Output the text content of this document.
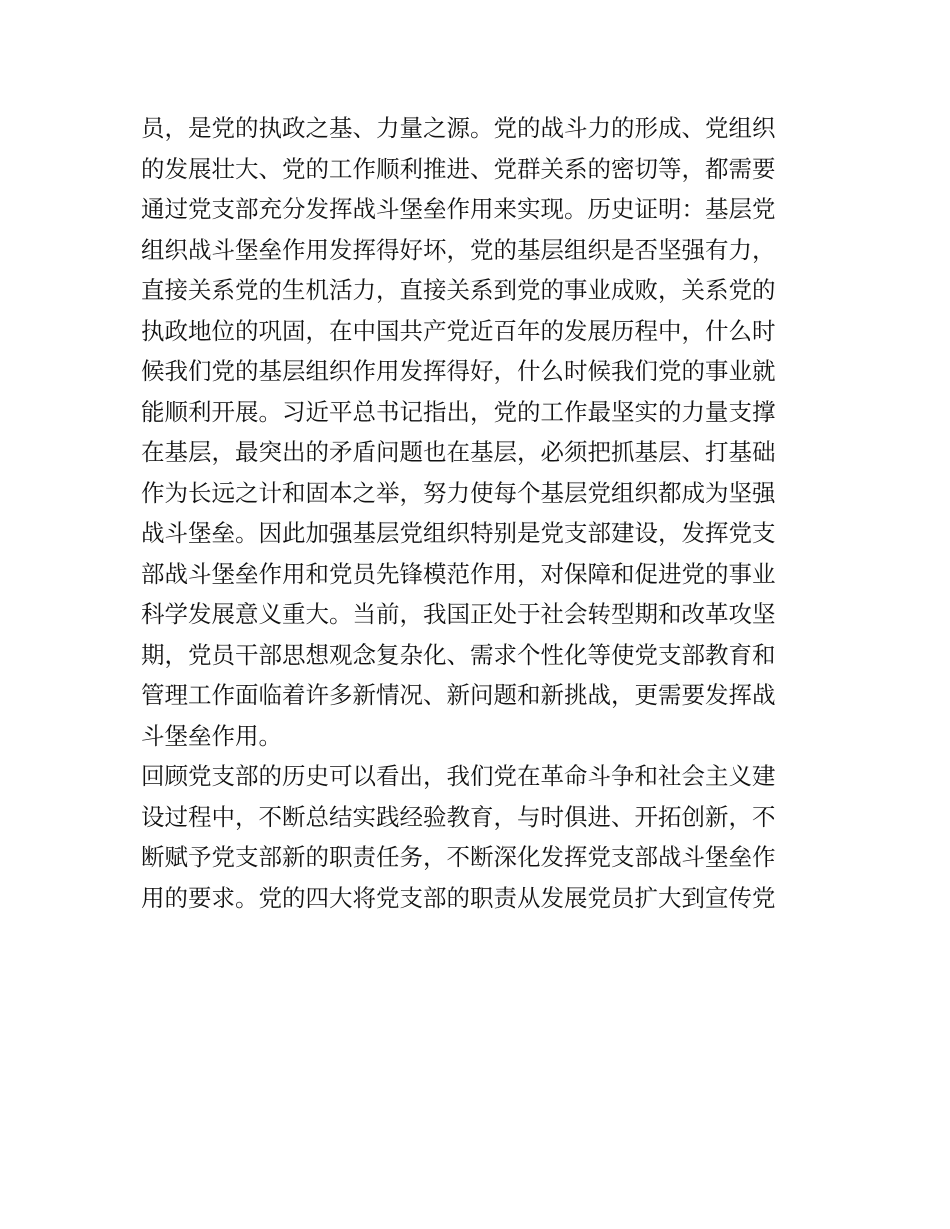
员，是党的执政之基、力量之源。党的战斗力的形成、党组织
的发展壮大、党的工作顺利推进、党群关系的密切等，都需要
通过党支部充分发挥战斗堡垒作用来实现。历史证明：基层党
组织战斗堡垒作用发挥得好坏，党的基层组织是否坚强有力，
直接关系党的生机活力，直接关系到党的事业成败，关系党的
执政地位的巩固，在中国共产党近百年的发展历程中，什么时
候我们党的基层组织作用发挥得好，什么时候我们党的事业就
能顺利开展。习近平总书记指出，党的工作最坚实的力量支撑
在基层，最突出的矛盾问题也在基层，必须把抓基层、打基础
作为长远之计和固本之举，努力使每个基层党组织都成为坚强
战斗堡垒。因此加强基层党组织特别是党支部建设，发挥党支
部战斗堡垒作用和党员先锋模范作用，对保障和促进党的事业
科学发展意义重大。当前，我国正处于社会转型期和改革攻坚
期，党员干部思想观念复杂化、需求个性化等使党支部教育和
管理工作面临着许多新情况、新问题和新挑战，更需要发挥战
斗堡垒作用。
回顾党支部的历史可以看出，我们党在革命斗争和社会主义建
设过程中，不断总结实践经验教育，与时俱进、开拓创新，不
断赋予党支部新的职责任务，不断深化发挥党支部战斗堡垒作
用的要求。党的四大将党支部的职责从发展党员扩大到宣传党
